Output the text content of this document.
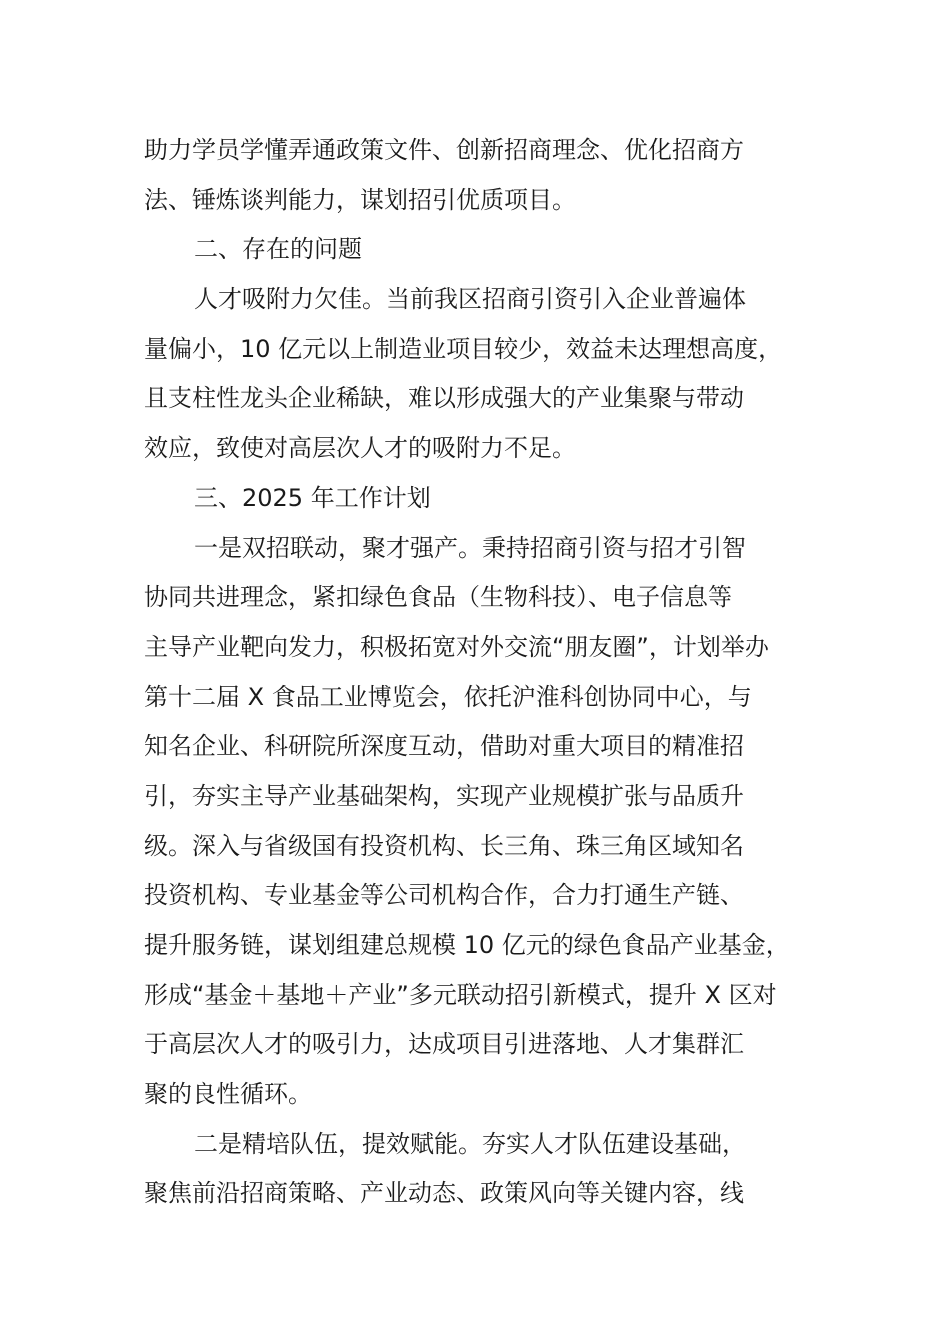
助力学员学懂弄通政策文件、创新招商理念、优化招商方
法、锤炼谈判能力，谋划招引优质项目。
二、存在的问题
人才吸附力欠佳。当前我区招商引资引入企业普遍体
量偏小，10 亿元以上制造业项目较少，效益未达理想高度，
且支柱性龙头企业稀缺，难以形成强大的产业集聚与带动
效应，致使对高层次人才的吸附力不足。
三、2025 年工作计划
一是双招联动，聚才强产。秉持招商引资与招才引智
协同共进理念，紧扣绿色食品（生物科技）、电子信息等
主导产业靶向发力，积极拓宽对外交流“朋友圈”，计划举办
第十二届 X 食品工业博览会，依托沪淮科创协同中心，与
知名企业、科研院所深度互动，借助对重大项目的精准招
引，夯实主导产业基础架构，实现产业规模扩张与品质升
级。深入与省级国有投资机构、长三角、珠三角区域知名
投资机构、专业基金等公司机构合作，合力打通生产链、
提升服务链，谋划组建总规模 10 亿元的绿色食品产业基金，
形成“基金＋基地＋产业”多元联动招引新模式，提升 X 区对
于高层次人才的吸引力，达成项目引进落地、人才集群汇
聚的良性循环。
二是精培队伍，提效赋能。夯实人才队伍建设基础，
聚焦前沿招商策略、产业动态、政策风向等关键内容，线
